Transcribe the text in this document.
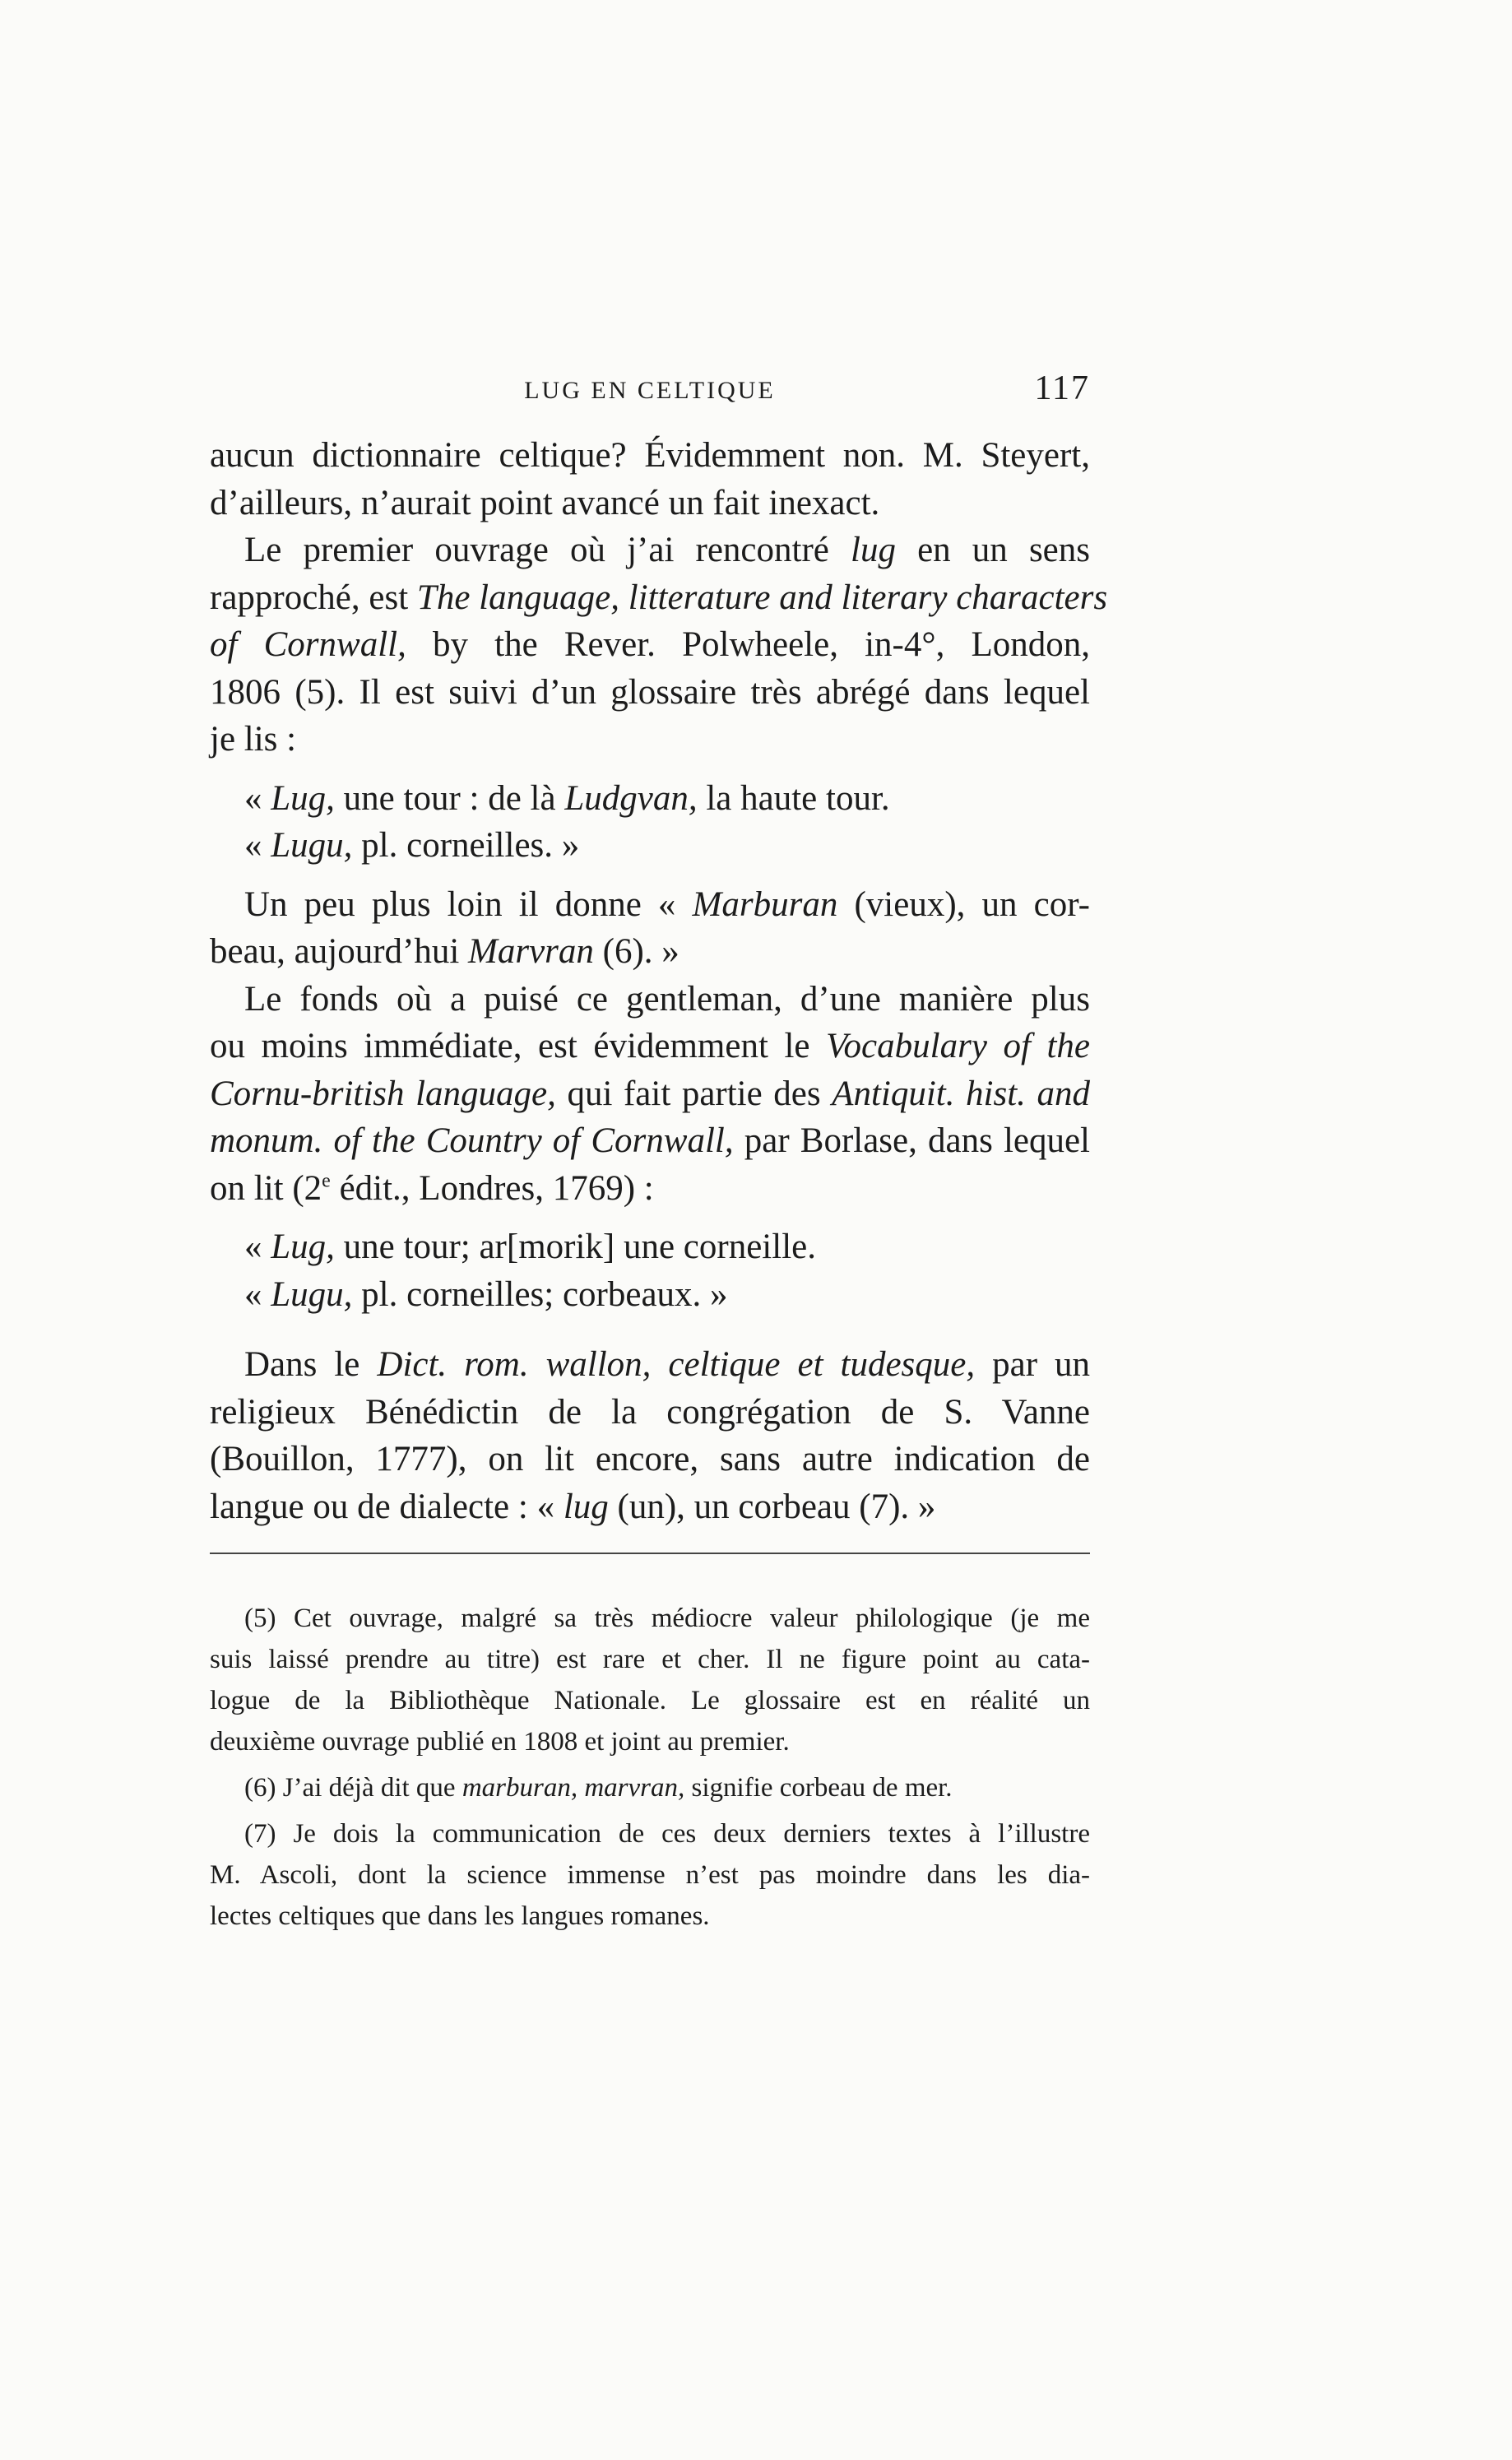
LUG EN CELTIQUE	117
aucun dictionnaire celtique? Évidemment non. M. Steyert,
d’ailleurs, n’aurait point avancé un fait inexact.
Le premier ouvrage où j’ai rencontré lug en un sens
rapproché, est The language, litterature and literary characters
of Cornwall, by the Rever. Polwheele, in-4°, London,
1806 (5). Il est suivi d’un glossaire très abrégé dans lequel
je lis :
« Lug, une tour : de là Ludgvan, la haute tour.
« Lugu, pl. corneilles. »
Un peu plus loin il donne « Marburan (vieux), un cor-
beau, aujourd’hui Marvran (6). »
Le fonds où a puisé ce gentleman, d’une manière plus
ou moins immédiate, est évidemment le Vocabulary of the
Cornu-british language, qui fait partie des Antiquit. hist. and
monum. of the Country of Cornwall, par Borlase, dans lequel
on lit (2e édit., Londres, 1769) :
« Lug, une tour; ar[morik] une corneille.
« Lugu, pl. corneilles; corbeaux. »
Dans le Dict. rom. wallon, celtique et tudesque, par un
religieux Bénédictin de la congrégation de S. Vanne
(Bouillon, 1777), on lit encore, sans autre indication de
langue ou de dialecte : « lug (un), un corbeau (7). »
(5) Cet ouvrage, malgré sa très médiocre valeur philologique (je me
suis laissé prendre au titre) est rare et cher. Il ne figure point au cata-
logue de la Bibliothèque Nationale. Le glossaire est en réalité un
deuxième ouvrage publié en 1808 et joint au premier.
(6) J’ai déjà dit que marburan, marvran, signifie corbeau de mer.
(7) Je dois la communication de ces deux derniers textes à l’illustre
M. Ascoli, dont la science immense n’est pas moindre dans les dia-
lectes celtiques que dans les langues romanes.
